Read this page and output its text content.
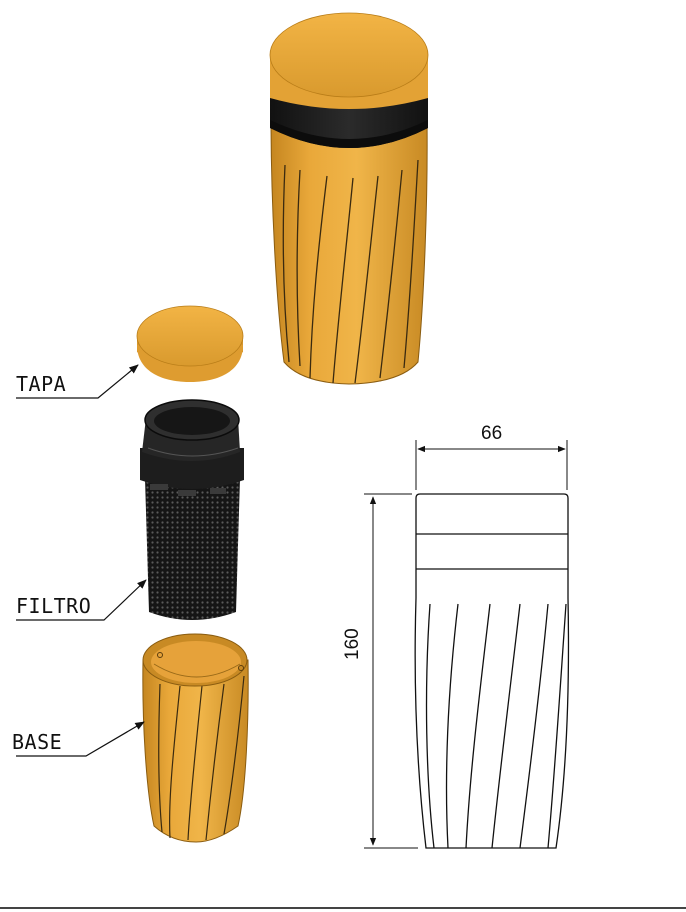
TAPA
FILTRO
BASE
66
160
